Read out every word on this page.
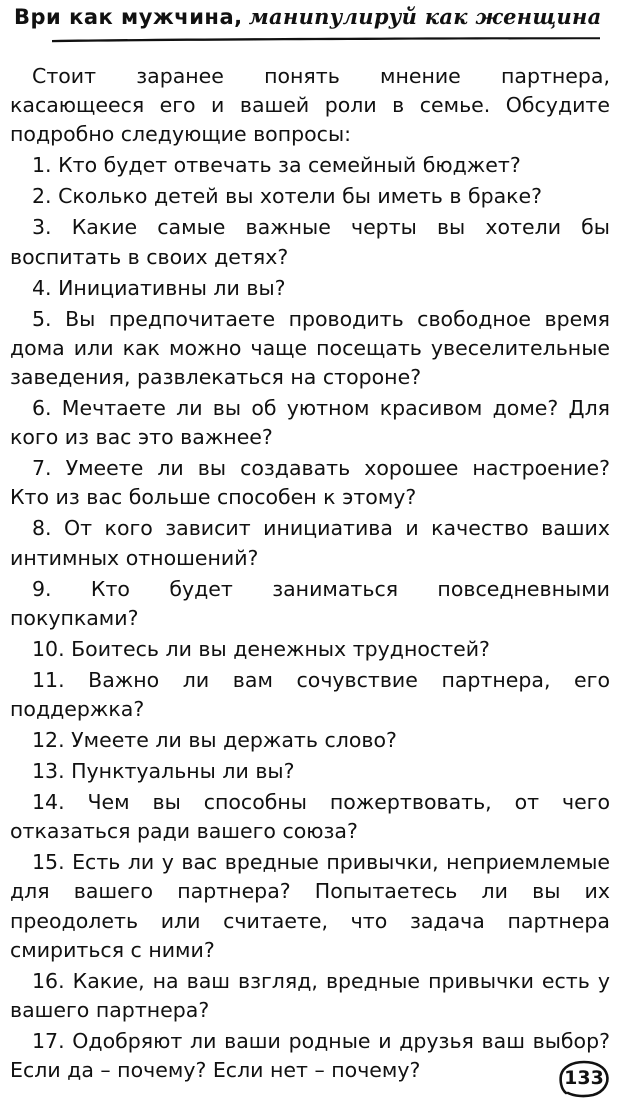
Ври как мужчина, манипулируй как женщина

Стоит заранее понять мнение партнера, касающееся его и вашей роли в семье. Обсудите подробно следующие вопросы:

1. Кто будет отвечать за семейный бюджет?

2. Сколько детей вы хотели бы иметь в браке?

3. Какие самые важные черты вы хотели бы воспитать в своих детях?

4. Инициативны ли вы?

5. Вы предпочитаете проводить свободное время дома или как можно чаще посещать увеселительные заведения, развлекаться на стороне?

6. Мечтаете ли вы об уютном красивом доме? Для кого из вас это важнее?

7. Умеете ли вы создавать хорошее настроение? Кто из вас больше способен к этому?

8. От кого зависит инициатива и качество ваших интимных отношений?

9. Кто будет заниматься повседневными покупками?

10. Боитесь ли вы денежных трудностей?

11. Важно ли вам сочувствие партнера, его поддержка?

12. Умеете ли вы держать слово?

13. Пунктуальны ли вы?

14. Чем вы способны пожертвовать, от чего отказаться ради вашего союза?

15. Есть ли у вас вредные привычки, неприемлемые для вашего партнера? Попытаетесь ли вы их преодолеть или считаете, что задача партнера смириться с ними?

16. Какие, на ваш взгляд, вредные привычки есть у вашего партнера?

17. Одобряют ли ваши родные и друзья ваш выбор? Если да – почему? Если нет – почему?	133
